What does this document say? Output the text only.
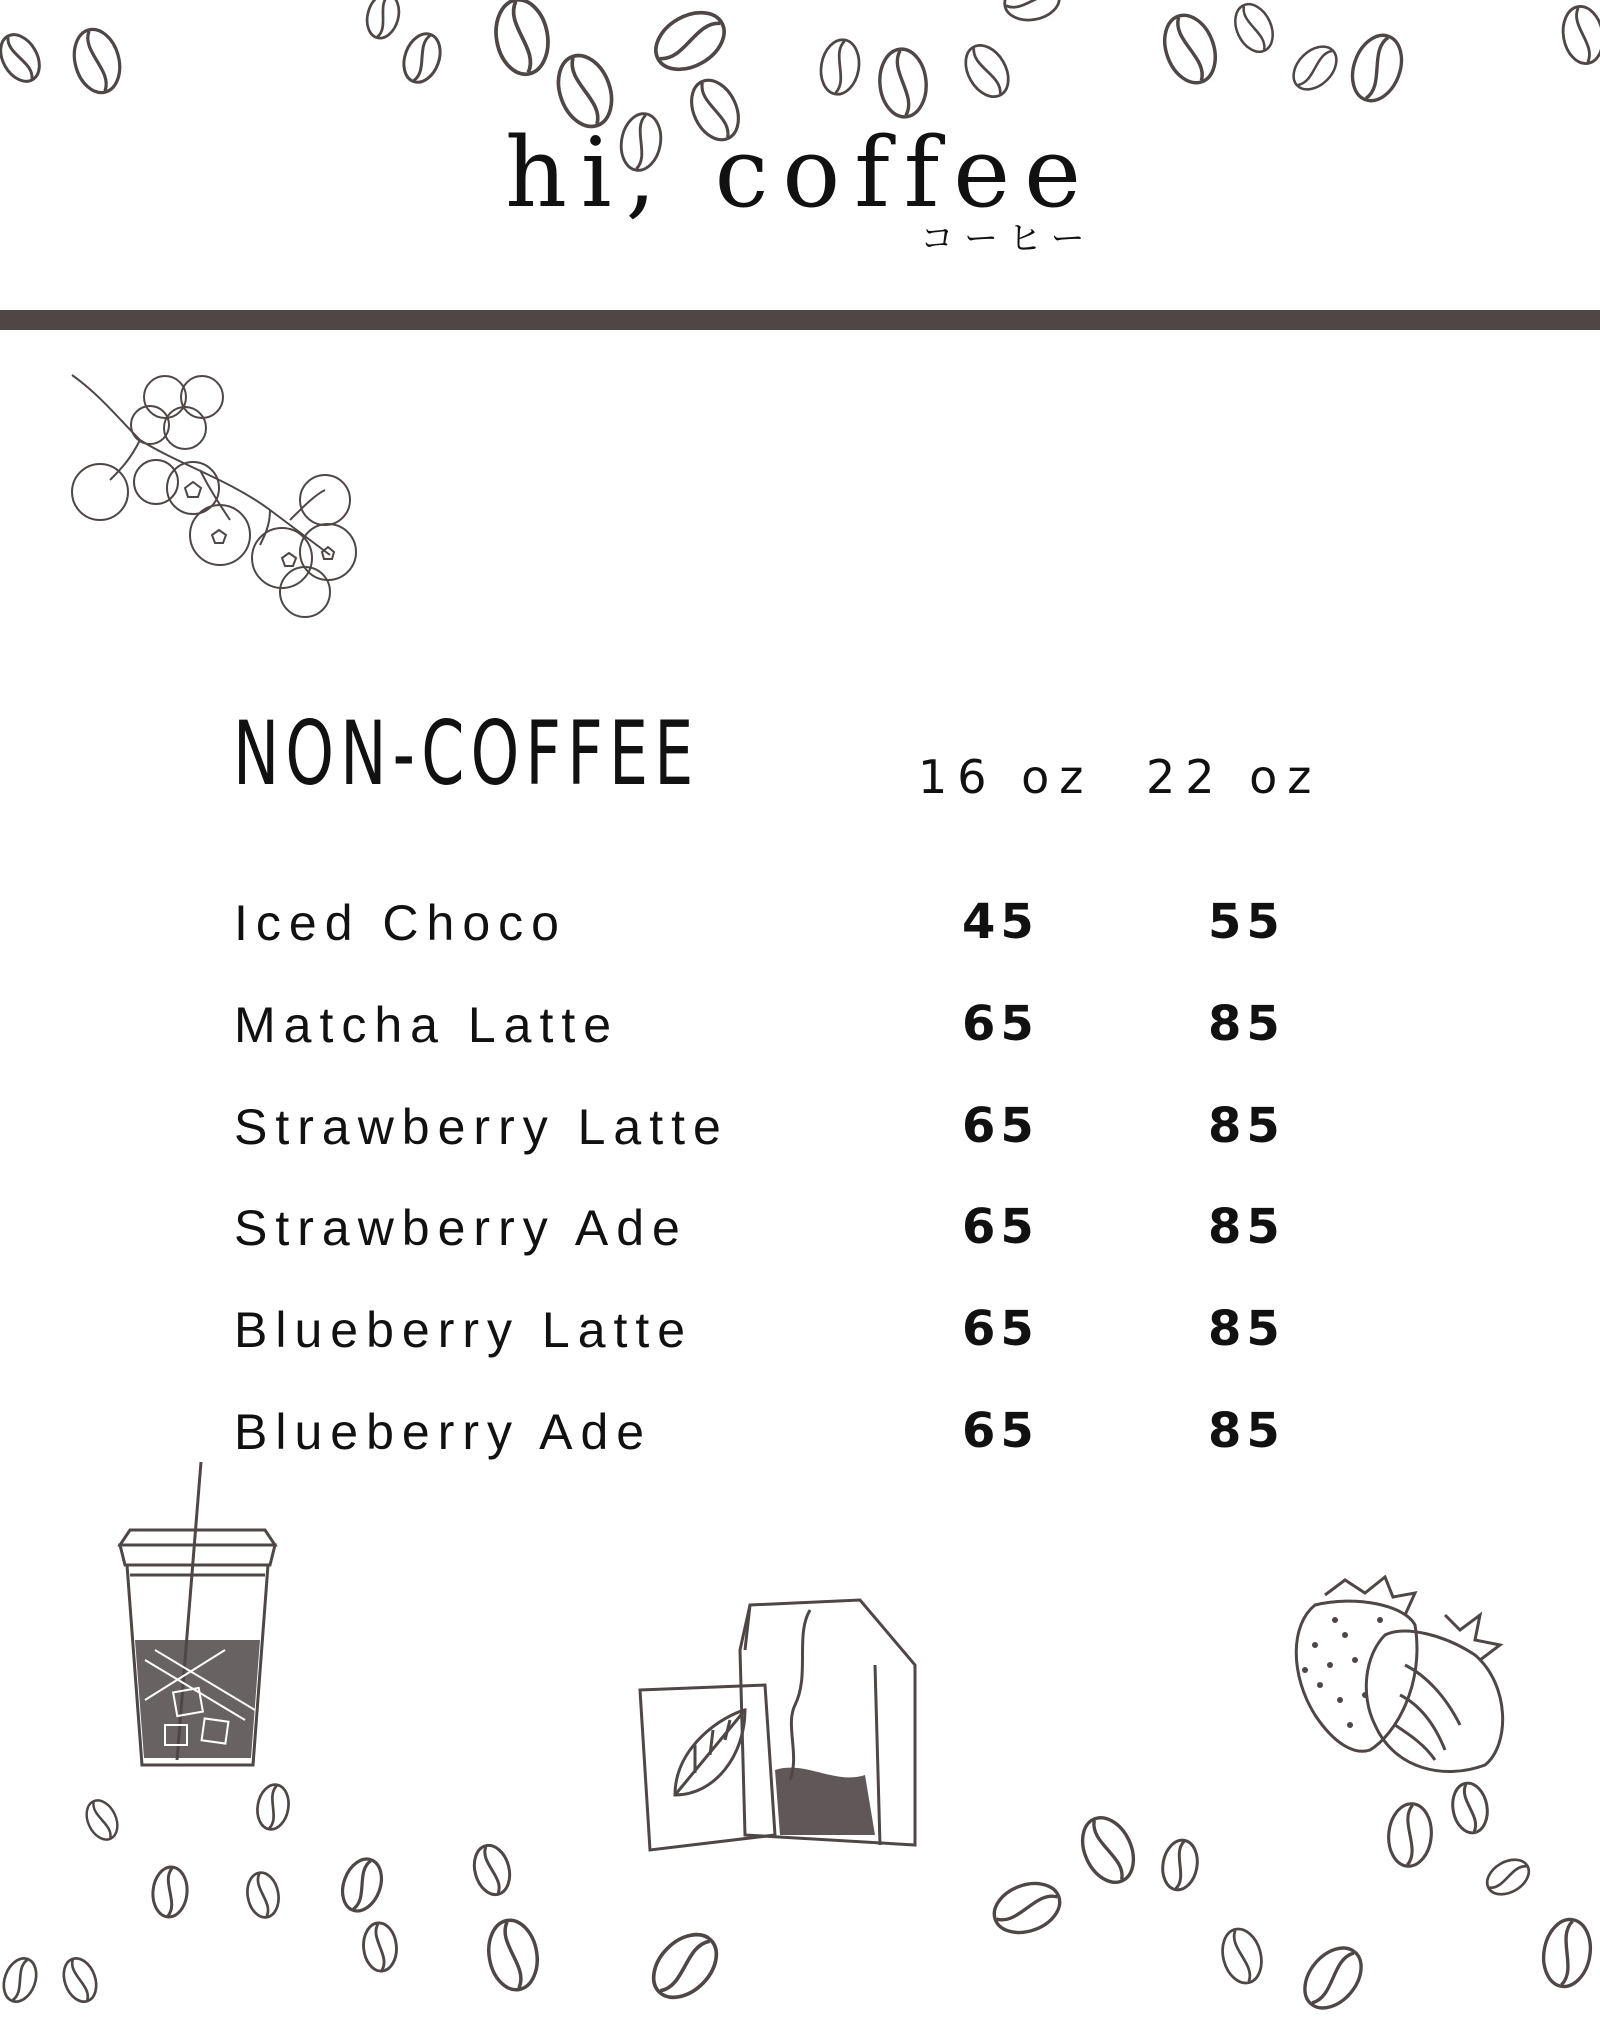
hi, coffee
コーヒー
NON-COFFEE	16 oz 22 oz
Iced Choco	45	55
Matcha Latte	65	85
Strawberry Latte	65	85
Strawberry Ade	65	85
Blueberry Latte	65	85
Blueberry Ade	65	85
